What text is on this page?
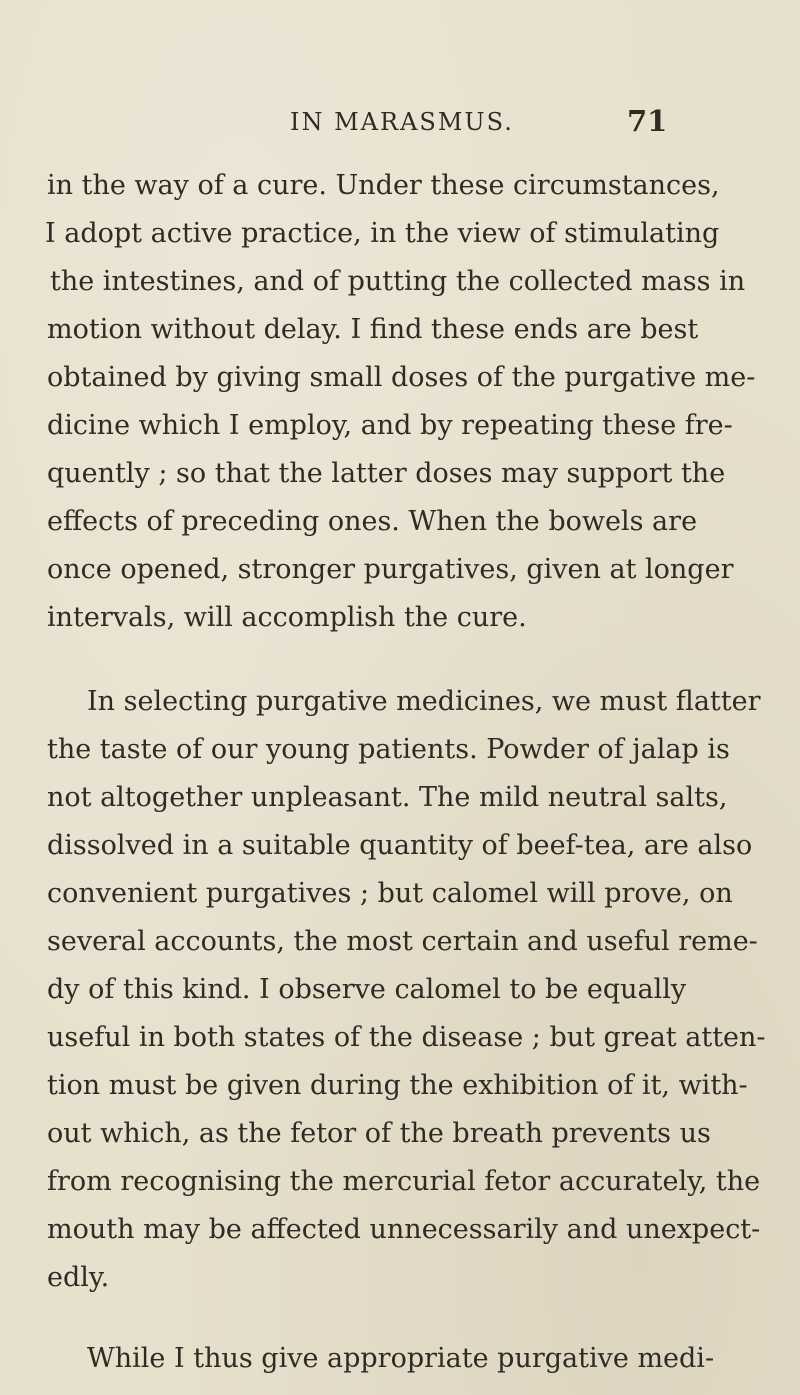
IN MARASMUS.	71
in the way of a cure. Under these circumstances,
I adopt active practice, in the view of stimulating
the intestines, and of putting the collected mass in
motion without delay. I find these ends are best
obtained by giving small doses of the purgative me-
dicine which I employ, and by repeating these fre-
quently ; so that the latter doses may support the
effects of preceding ones. When the bowels are
once opened, stronger purgatives, given at longer
intervals, will accomplish the cure.
In selecting purgative medicines, we must flatter
the taste of our young patients. Powder of jalap is
not altogether unpleasant. The mild neutral salts,
dissolved in a suitable quantity of beef-tea, are also
convenient purgatives ; but calomel will prove, on
several accounts, the most certain and useful reme-
dy of this kind. I observe calomel to be equally
useful in both states of the disease ; but great atten-
tion must be given during the exhibition of it, with-
out which, as the fetor of the breath prevents us
from recognising the mercurial fetor accurately, the
mouth may be affected unnecessarily and unexpect-
edly.
While I thus give appropriate purgative medi-
